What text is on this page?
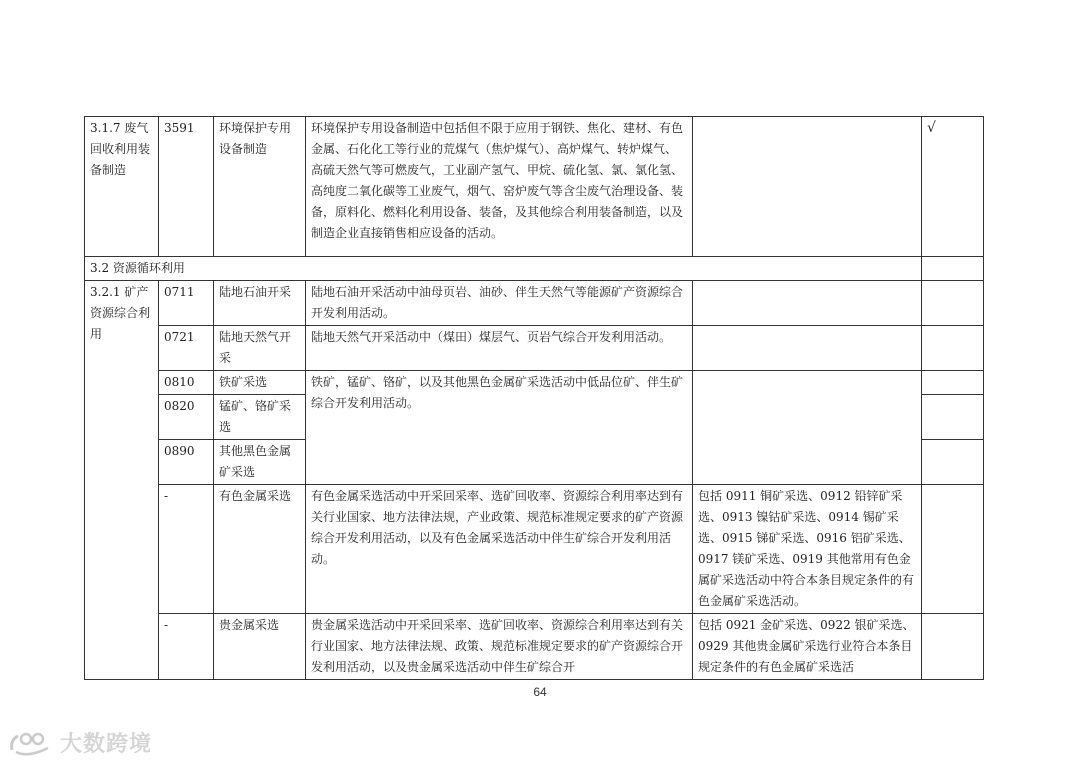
3.1.7 废气回收利用装备制造	3591	环境保护专用设备制造	环境保护专用设备制造中包括但不限于应用于钢铁、焦化、建材、有色金属、石化化工等行业的荒煤气（焦炉煤气）、高炉煤气、转炉煤气、高硫天然气等可燃废气，工业副产氢气、甲烷、硫化氢、氯、氯化氢、高纯度二氧化碳等工业废气，烟气、窑炉废气等含尘废气治理设备、装备，原料化、燃料化利用设备、装备，及其他综合利用装备制造，以及制造企业直接销售相应设备的活动。		√
3.2 资源循环利用					
3.2.1 矿产资源综合利用	0711	陆地石油开采	陆地石油开采活动中油母页岩、油砂、伴生天然气等能源矿产资源综合开发利用活动。		
	0721	陆地天然气开采	陆地天然气开采活动中（煤田）煤层气、页岩气综合开发利用活动。		
	0810	铁矿采选	铁矿，锰矿、铬矿，以及其他黑色金属矿采选活动中低品位矿、伴生矿综合开发利用活动。		
	0820	锰矿、铬矿采选			
	0890	其他黑色金属矿采选			
	-	有色金属采选	有色金属采选活动中开采回采率、选矿回收率、资源综合利用率达到有关行业国家、地方法律法规，产业政策、规范标准规定要求的矿产资源综合开发利用活动，以及有色金属采选活动中伴生矿综合开发利用活动。	包括 0911 铜矿采选、0912 铅锌矿采选、0913 镍钴矿采选、0914 锡矿采选、0915 锑矿采选、0916 铝矿采选、0917 镁矿采选、0919 其他常用有色金属矿采选活动中符合本条目规定条件的有色金属矿采选活动。	
	-	贵金属采选	贵金属采选活动中开采回采率、选矿回收率、资源综合利用率达到有关行业国家、地方法律法规、政策、规范标准规定要求的矿产资源综合开发利用活动，以及贵金属采选活动中伴生矿综合开	包括 0921 金矿采选、0922 银矿采选、0929 其他贵金属矿采选行业符合本条目规定条件的有色金属矿采选活	
64
大数跨境
